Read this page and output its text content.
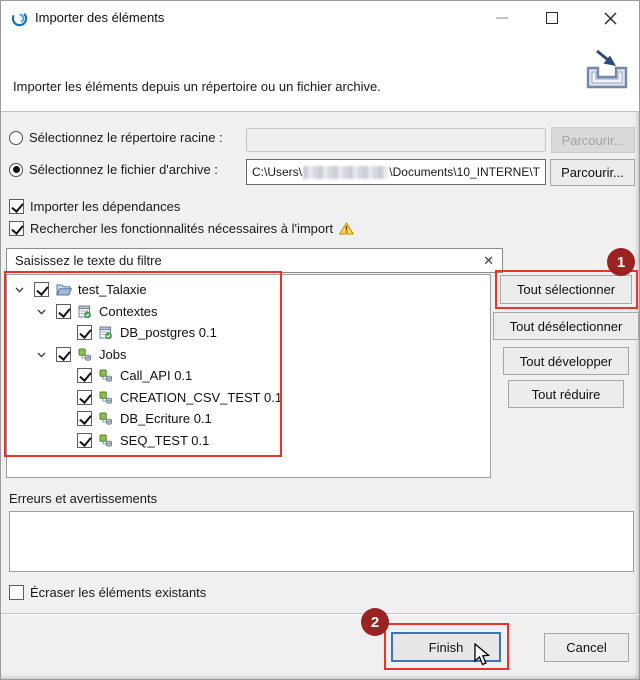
Importer des éléments
Importer les éléments depuis un répertoire ou un fichier archive.
Sélectionnez le répertoire racine :	Parcourir...
Sélectionnez le fichier d'archive :	C:\Users\	\Documents\10_INTERNE\T	Parcourir...
Importer les dépendances
Rechercher les fonctionnalités nécessaires à l'import
Saisissez le texte du filtre	✕
test_Talaxie
Contextes
DB_postgres 0.1
Jobs
Call_API 0.1
CREATION_CSV_TEST 0.1
DB_Ecriture 0.1
SEQ_TEST 0.1
Tout sélectionner
Tout désélectionner
Tout développer
Tout réduire
Erreurs et avertissements
Écraser les éléments existants
Finish	Cancel
1
2
